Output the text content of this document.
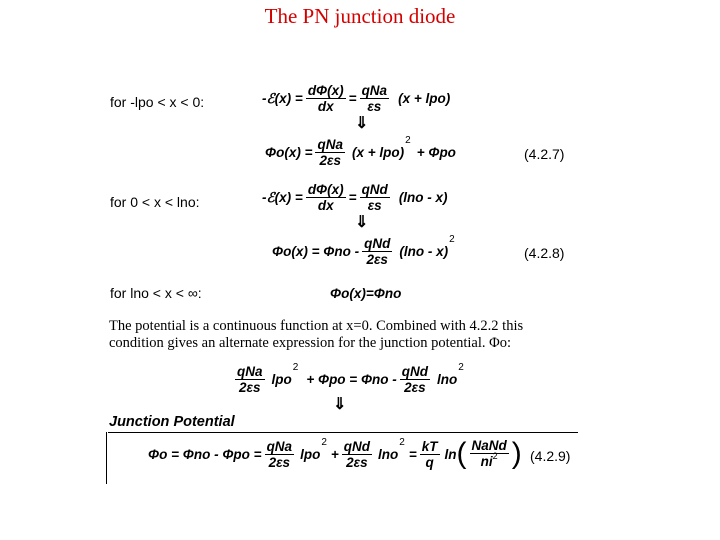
The PN junction diode
for -lpo < x < 0:	-ℰ(x) = $\frac{d\Phi(x)}{dx} = \frac{\text{qNa}}{\varepsilon s} (x + lpo)$
⇓
$\Phi o(x) = \frac{\text{qNa}}{2\varepsilon s} (x + lpo)$
2
+ Φpo	(4.2.7)
for 0 < x < lno:	-ℰ(x) = $\frac{d\Phi(x)}{dx} = \frac{\text{qNd}}{\varepsilon s} (\ln o - x)$
⇓
$\Phi o(x) = \Phi no - \frac{\text{qNd}}{2\varepsilon s} (\ln o - x)$
2
(4.2.8)
for lno < x < ∞:	Φo(x)=Φno
The potential is a continuous function at x=0. Combined with 4.2.2 this
condition gives an alternate expression for the junction potential. Φo:
$\frac{\text{qNa}}{2\varepsilon s}$ lpo
2
+ $\Phi po = \Phi no - \frac{\text{qNd}}{2\varepsilon s}$ lno
2
⇓
Junction Potential
$\Phi o = \Phi no - \Phi po = \frac{\text{qNa}}{2\varepsilon s}$ lpo
2
+ $\frac{\text{qNd}}{2\varepsilon s}$ lno
2
= $\frac{kT}{q}$ ln ( $\frac{\text{NaNd}}{ni^2}$ ) (4.2.9)
